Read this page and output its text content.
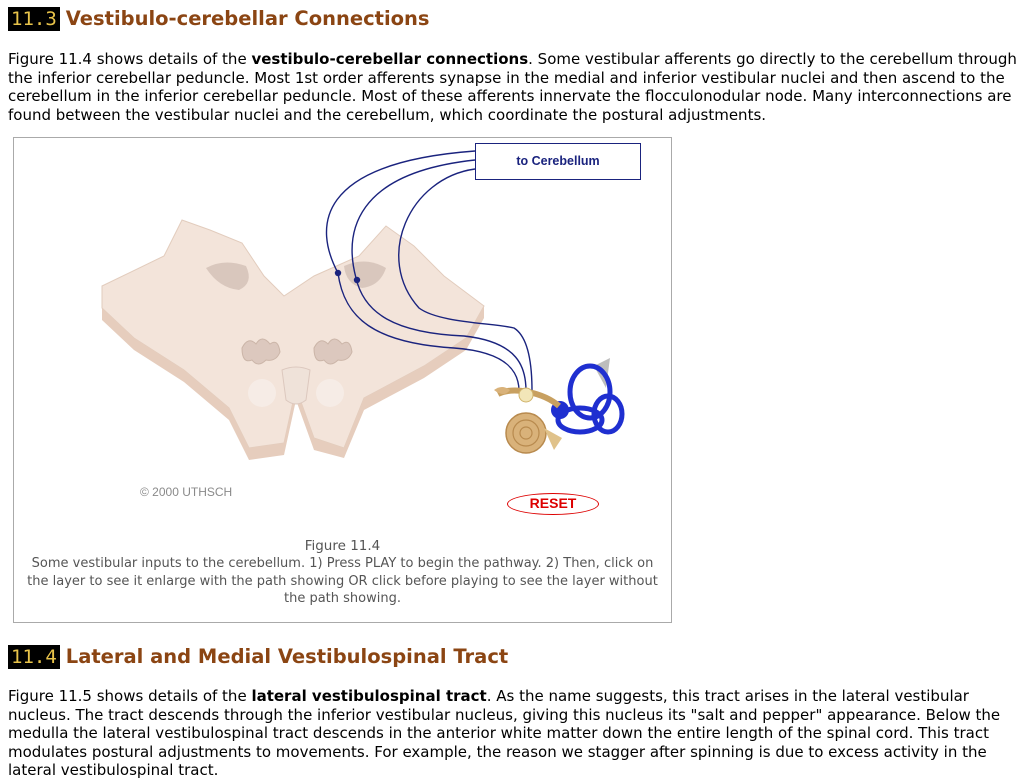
11.3 Vestibulo-cerebellar Connections

Figure 11.4 shows details of the vestibulo-cerebellar connections. Some vestibular afferents go directly to the cerebellum through the inferior cerebellar peduncle. Most 1st order afferents synapse in the medial and inferior vestibular nuclei and then ascend to the cerebellum in the inferior cerebellar peduncle. Most of these afferents innervate the flocculonodular node. Many interconnections are found between the vestibular nuclei and the cerebellum, which coordinate the postural adjustments.

to Cerebellum
© 2000 UTHSCH
RESET
Figure 11.4
Some vestibular inputs to the cerebellum. 1) Press PLAY to begin the pathway. 2) Then, click on the layer to see it enlarge with the path showing OR click before playing to see the layer without the path showing.
11.4 Lateral and Medial Vestibulospinal Tract

Figure 11.5 shows details of the lateral vestibulospinal tract. As the name suggests, this tract arises in the lateral vestibular nucleus. The tract descends through the inferior vestibular nucleus, giving this nucleus its "salt and pepper" appearance. Below the medulla the lateral vestibulospinal tract descends in the anterior white matter down the entire length of the spinal cord. This tract modulates postural adjustments to movements. For example, the reason we stagger after spinning is due to excess activity in the lateral vestibulospinal tract.
